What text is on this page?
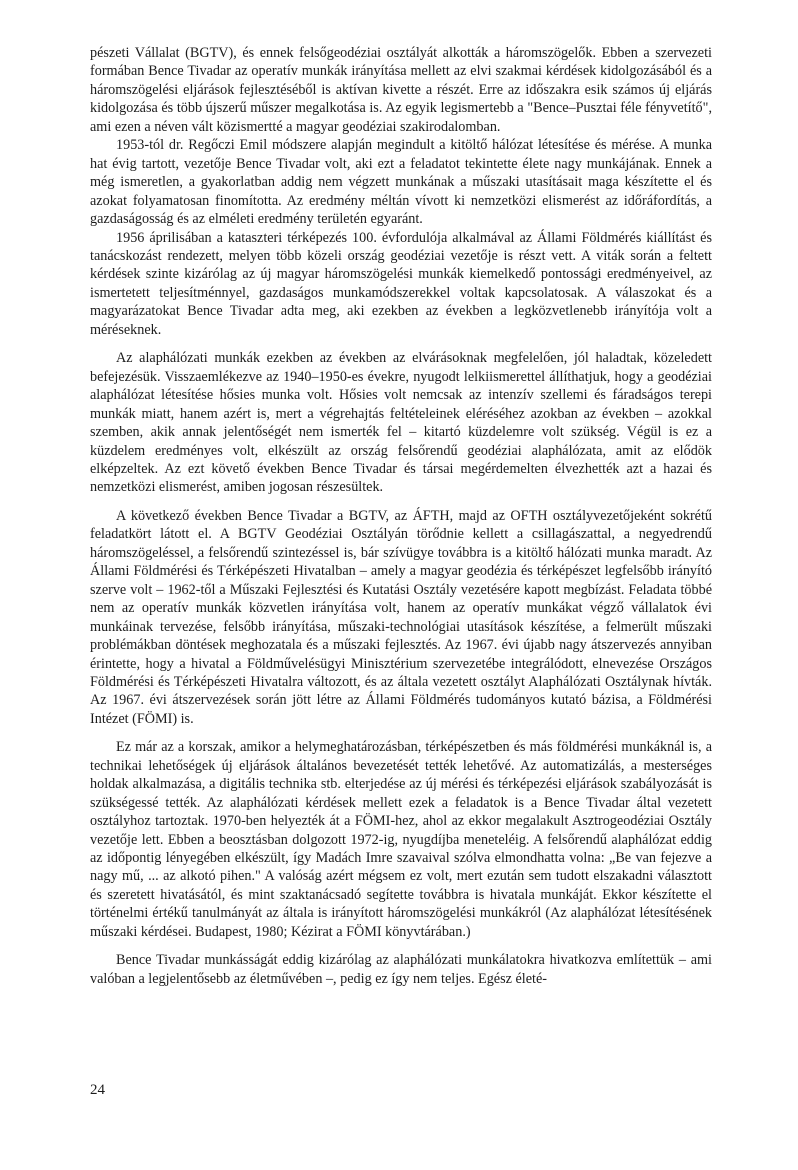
pészeti Vállalat (BGTV), és ennek felsőgeodéziai osztályát alkották a háromszögelők. Ebben a szervezeti formában Bence Tivadar az operatív munkák irányítása mellett az elvi szakmai kérdések kidolgozásából és a háromszögelési eljárások fejlesztéséből is aktívan kivette a részét. Erre az időszakra esik számos új eljárás kidolgozása és több újszerű műszer megalkotása is. Az egyik legismertebb a "Bence–Pusztai féle fényvetítő", ami ezen a néven vált közismertté a magyar geodéziai szakirodalomban.

1953-tól dr. Regőczi Emil módszere alapján megindult a kitöltő hálózat létesítése és mérése. A munka hat évig tartott, vezetője Bence Tivadar volt, aki ezt a feladatot tekintette élete nagy munkájának. Ennek a még ismeretlen, a gyakorlatban addig nem végzett munkának a műszaki utasításait maga készítette el és azokat folyamatosan finomította. Az eredmény méltán vívott ki nemzetközi elismerést az időráfordítás, a gazdaságosság és az elméleti eredmény területén egyaránt.

1956 áprilisában a kataszteri térképezés 100. évfordulója alkalmával az Állami Földmérés kiállítást és tanácskozást rendezett, melyen több közeli ország geodéziai vezetője is részt vett. A viták során a feltett kérdések szinte kizárólag az új magyar háromszögelési munkák kiemelkedő pontossági eredményeivel, az ismertetett teljesítménnyel, gazdaságos munkamódszerekkel voltak kapcsolatosak. A válaszokat és a magyarázatokat Bence Tivadar adta meg, aki ezekben az években a legközvetlenebb irányítója volt a méréseknek.

Az alaphálózati munkák ezekben az években az elvárásoknak megfelelően, jól haladtak, közeledett befejezésük. Visszaemlékezve az 1940–1950-es évekre, nyugodt lelkiismerettel állíthatjuk, hogy a geodéziai alaphálózat létesítése hősies munka volt. Hősies volt nemcsak az intenzív szellemi és fáradságos terepi munkák miatt, hanem azért is, mert a végrehajtás feltételeinek eléréséhez azokban az években – azokkal szemben, akik annak jelentőségét nem ismerték fel – kitartó küzdelemre volt szükség. Végül is ez a küzdelem eredményes volt, elkészült az ország felsőrendű geodéziai alaphálózata, amit az elődök elképzeltek. Az ezt követő években Bence Tivadar és társai megérdemelten élvezhették azt a hazai és nemzetközi elismerést, amiben jogosan részesültek.

A következő években Bence Tivadar a BGTV, az ÁFTH, majd az OFTH osztályvezetőjeként sokrétű feladatkört látott el. A BGTV Geodéziai Osztályán törődnie kellett a csillagászattal, a negyedrendű háromszögeléssel, a felsőrendű szintezéssel is, bár szívügye továbbra is a kitöltő hálózati munka maradt. Az Állami Földmérési és Térképészeti Hivatalban – amely a magyar geodézia és térképészet legfelsőbb irányító szerve volt – 1962-től a Műszaki Fejlesztési és Kutatási Osztály vezetésére kapott megbízást. Feladata többé nem az operatív munkák közvetlen irányítása volt, hanem az operatív munkákat végző vállalatok évi munkáinak tervezése, felsőbb irányítása, műszaki-technológiai utasítások készítése, a felmerült műszaki problémákban döntések meghozatala és a műszaki fejlesztés. Az 1967. évi újabb nagy átszervezés annyiban érintette, hogy a hivatal a Földművelésügyi Minisztérium szervezetébe integrálódott, elnevezése Országos Földmérési és Térképészeti Hivatalra változott, és az általa vezetett osztályt Alaphálózati Osztálynak hívták. Az 1967. évi átszervezések során jött létre az Állami Földmérés tudományos kutató bázisa, a Földmérési Intézet (FÖMI) is.

Ez már az a korszak, amikor a helymeghatározásban, térképészetben és más földmérési munkáknál is, a technikai lehetőségek új eljárások általános bevezetését tették lehetővé. Az automatizálás, a mesterséges holdak alkalmazása, a digitális technika stb. elterjedése az új mérési és térképezési eljárások szabályozását is szükségessé tették. Az alaphálózati kérdések mellett ezek a feladatok is a Bence Tivadar által vezetett osztályhoz tartoztak. 1970-ben helyezték át a FÖMI-hez, ahol az ekkor megalakult Asztrogeodéziai Osztály vezetője lett. Ebben a beosztásban dolgozott 1972-ig, nyugdíjba meneteléig. A felsőrendű alaphálózat eddig az időpontig lényegében elkészült, így Madách Imre szavaival szólva elmondhatta volna: „Be van fejezve a nagy mű, ... az alkotó pihen." A valóság azért mégsem ez volt, mert ezután sem tudott elszakadni választott és szeretett hivatásától, és mint szaktanácsadó segítette továbbra is hivatala munkáját. Ekkor készítette el történelmi értékű tanulmányát az általa is irányított háromszögelési munkákról (Az alaphálózat létesítésének műszaki kérdései. Budapest, 1980; Kézirat a FÖMI könyvtárában.)

Bence Tivadar munkásságát eddig kizárólag az alaphálózati munkálatokra hivatkozva említettük – ami valóban a legjelentősebb az életművében –, pedig ez így nem teljes. Egész életé-

24
